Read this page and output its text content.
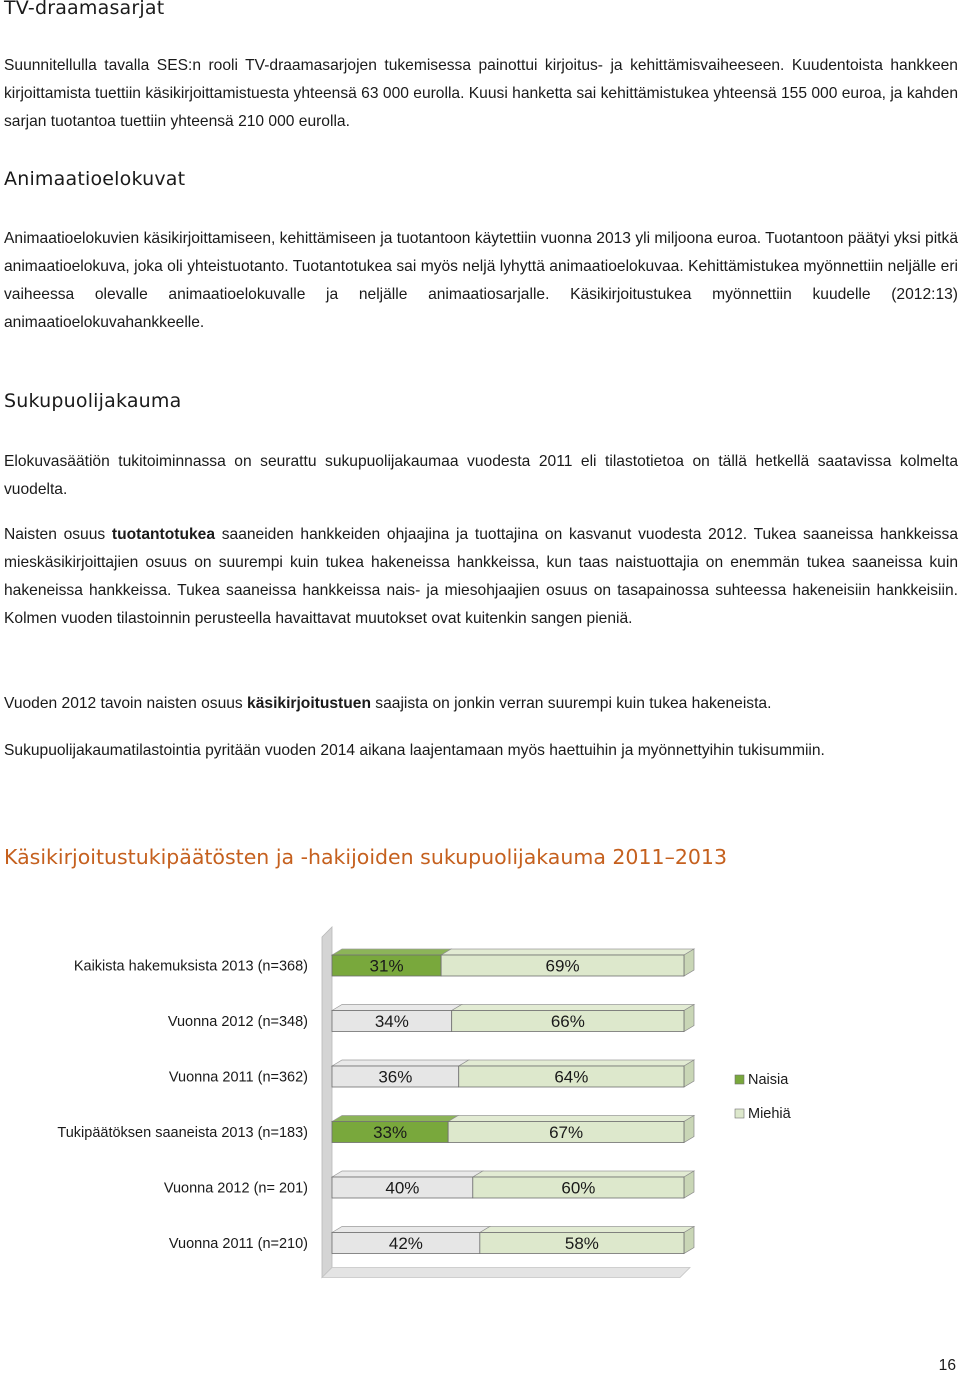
TV-draamasarjat

Suunnitellulla tavalla SES:n rooli TV-draamasarjojen tukemisessa painottui kirjoitus- ja kehittämisvaiheeseen. Kuudentoista hankkeen kirjoittamista tuettiin käsikirjoittamistuesta yhteensä 63 000 eurolla. Kuusi hanketta sai kehittämistukea yhteensä 155 000 euroa, ja kahden sarjan tuotantoa tuettiin yhteensä 210 000 eurolla.

Animaatioelokuvat

Animaatioelokuvien käsikirjoittamiseen, kehittämiseen ja tuotantoon käytettiin vuonna 2013 yli miljoona euroa. Tuotantoon päätyi yksi pitkä animaatioelokuva, joka oli yhteistuotanto. Tuotantotukea sai myös neljä lyhyttä animaatioelokuvaa. Kehittämistukea myönnettiin neljälle eri vaiheessa olevalle animaatioelokuvalle ja neljälle animaatiosarjalle. Käsikirjoitustukea myönnettiin kuudelle (2012:13) animaatioelokuvahankkeelle.

Sukupuolijakauma

Elokuvasäätiön tukitoiminnassa on seurattu sukupuolijakaumaa vuodesta 2011 eli tilastotietoa on tällä hetkellä saatavissa kolmelta vuodelta.

Naisten osuus tuotantotukea saaneiden hankkeiden ohjaajina ja tuottajina on kasvanut vuodesta 2012. Tukea saaneissa hankkeissa mieskäsikirjoittajien osuus on suurempi kuin tukea hakeneissa hankkeissa, kun taas naistuottajia on enemmän tukea saaneissa kuin hakeneissa hankkeissa. Tukea saaneissa hankkeissa nais- ja miesohjaajien osuus on tasapainossa suhteessa hakeneisiin hankkeisiin. Kolmen vuoden tilastoinnin perusteella havaittavat muutokset ovat kuitenkin sangen pieniä.

Vuoden 2012 tavoin naisten osuus käsikirjoitustuen saajista on jonkin verran suurempi kuin tukea hakeneista.

Sukupuolijakaumatilastointia pyritään vuoden 2014 aikana laajentamaan myös haettuihin ja myönnettyihin tukisummiin.

Käsikirjoitustukipäätösten ja -hakijoiden sukupuolijakauma 2011–2013
Kaikista hakemuksista 2013 (n=368)	31%	69%
Vuonna 2012 (n=348)	34%	66%
Vuonna 2011 (n=362)	36%	64%
Tukipäätöksen saaneista 2013 (n=183)	33%	67%
Vuonna 2012 (n= 201)	40%	60%
Vuonna 2011 (n=210)	42%	58%
Naisia
Miehiä
16
